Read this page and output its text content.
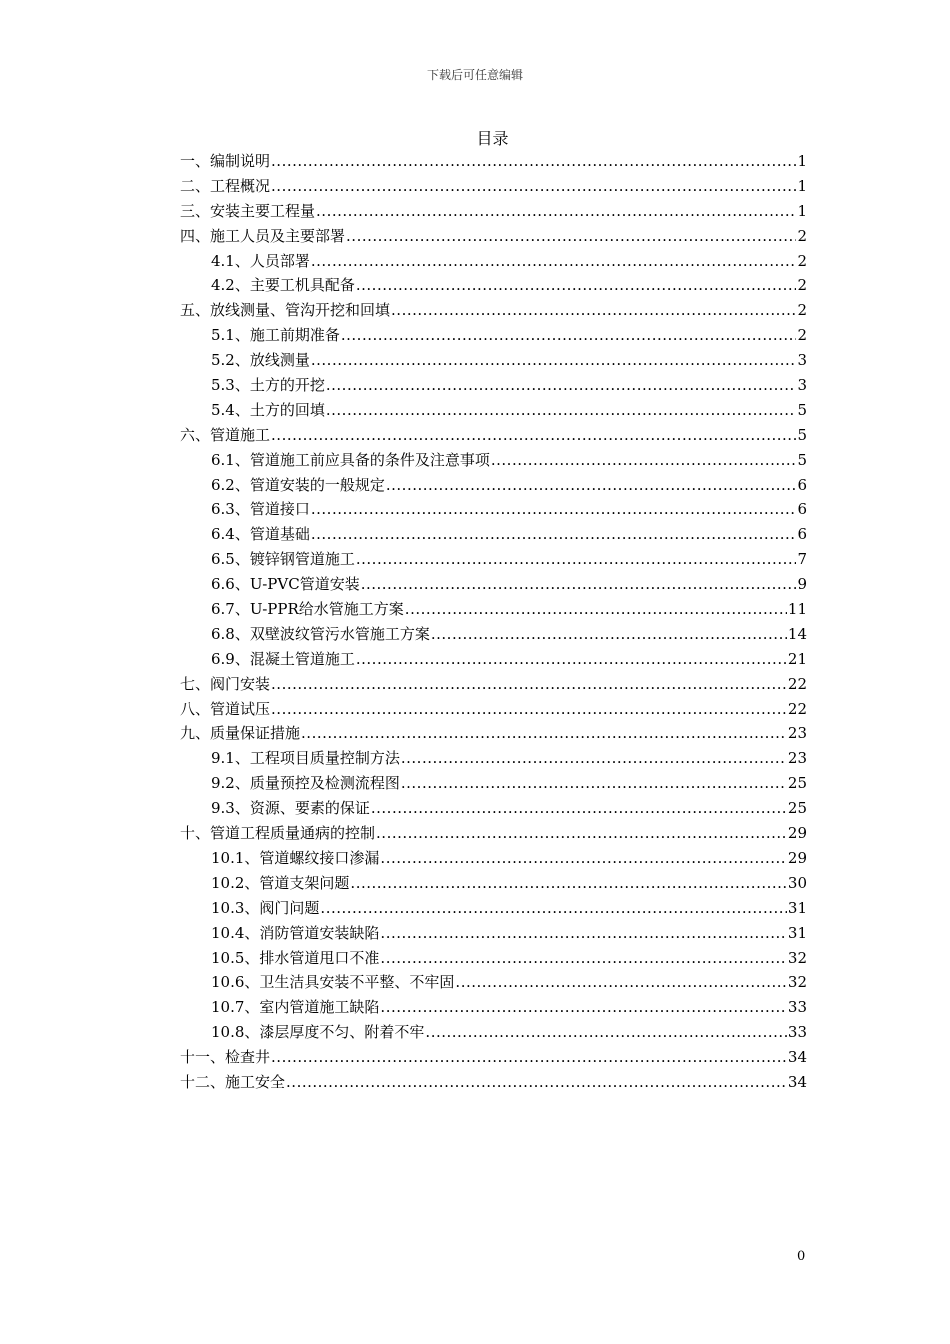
下载后可任意编辑
目录
一、 编制说明 .....	1
二、 工程概况 .....	1
三、 安装主要工程量 .....	1
四、 施工人员及主要部署 .....	2
4.1、 人员部署 .....	2
4.2、 主要工机具配备 .....	2
五、 放线测量、管沟开挖和回填 .....	2
5.1、 施工前期准备 .....	2
5.2、 放线测量 .....	3
5.3、 土方的开挖 .....	3
5.4、 土方的回填 .....	5
六、 管道施工 .....	5
6.1、 管道施工前应具备的条件及注意事项 .....	5
6.2、 管道安装的一般规定 .....	6
6.3、 管道接口 .....	6
6.4、 管道基础 .....	6
6.5、 镀锌钢管道施工 .....	7
6.6、 U-PVC管道安装 .....	9
6.7、 U-PPR给水管施工方案 .....	11
6.8、 双壁波纹管污水管施工方案 .....	14
6.9、 混凝土管道施工 .....	21
七、 阀门安装 .....	22
八、 管道试压 .....	22
九、 质量保证措施 .....	23
9.1、 工程项目质量控制方法 .....	23
9.2、 质量预控及检测流程图 .....	25
9.3、 资源、要素的保证 .....	25
十、 管道工程质量通病的控制 .....	29
10.1、 管道螺纹接口渗漏 .....	29
10.2、 管道支架问题 .....	30
10.3、 阀门问题 .....	31
10.4、 消防管道安装缺陷 .....	31
10.5、 排水管道甩口不准 .....	32
10.6、 卫生洁具安装不平整、不牢固 .....	32
10.7、 室内管道施工缺陷 .....	33
10.8、 漆层厚度不匀、附着不牢 .....	33
十一、 检查井 .....	34
十二、 施工安全 .....	34
0
